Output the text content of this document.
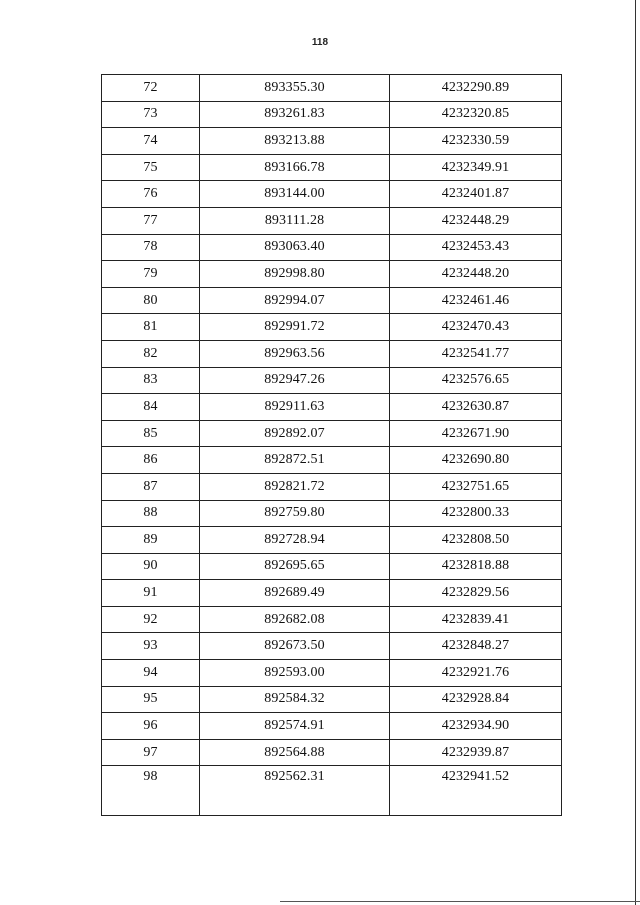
118
72	893355.30	4232290.89
73	893261.83	4232320.85
74	893213.88	4232330.59
75	893166.78	4232349.91
76	893144.00	4232401.87
77	893111.28	4232448.29
78	893063.40	4232453.43
79	892998.80	4232448.20
80	892994.07	4232461.46
81	892991.72	4232470.43
82	892963.56	4232541.77
83	892947.26	4232576.65
84	892911.63	4232630.87
85	892892.07	4232671.90
86	892872.51	4232690.80
87	892821.72	4232751.65
88	892759.80	4232800.33
89	892728.94	4232808.50
90	892695.65	4232818.88
91	892689.49	4232829.56
92	892682.08	4232839.41
93	892673.50	4232848.27
94	892593.00	4232921.76
95	892584.32	4232928.84
96	892574.91	4232934.90
97	892564.88	4232939.87
98	892562.31	4232941.52
